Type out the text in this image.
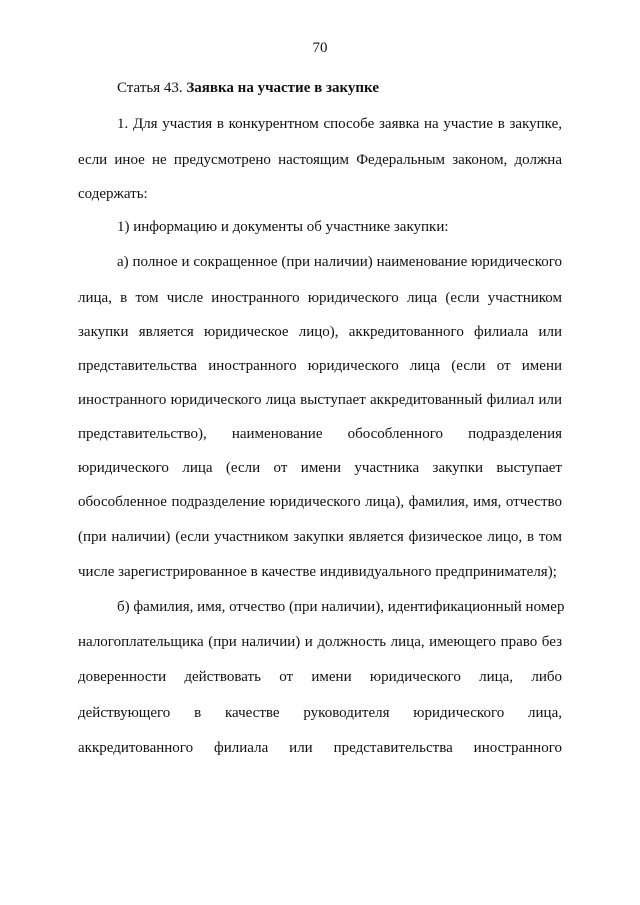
70
Статья 43. Заявка на участие в закупке
1. Для участия в конкурентном способе заявка на участие в закупке,
если иное не предусмотрено настоящим Федеральным законом, должна
содержать:
1) информацию и документы об участнике закупки:
а) полное и сокращенное (при наличии) наименование юридического
лица, в том числе иностранного юридического лица (если участником
закупки является юридическое лицо), аккредитованного филиала или
представительства иностранного юридического лица (если от имени
иностранного юридического лица выступает аккредитованный филиал или
представительство), наименование обособленного подразделения
юридического лица (если от имени участника закупки выступает
обособленное подразделение юридического лица), фамилия, имя, отчество
(при наличии) (если участником закупки является физическое лицо, в том
числе зарегистрированное в качестве индивидуального предпринимателя);
б) фамилия, имя, отчество (при наличии), идентификационный номер
налогоплательщика (при наличии) и должность лица, имеющего право без
доверенности действовать от имени юридического лица, либо
действующего в качестве руководителя юридического лица,
аккредитованного филиала или представительства иностранного
